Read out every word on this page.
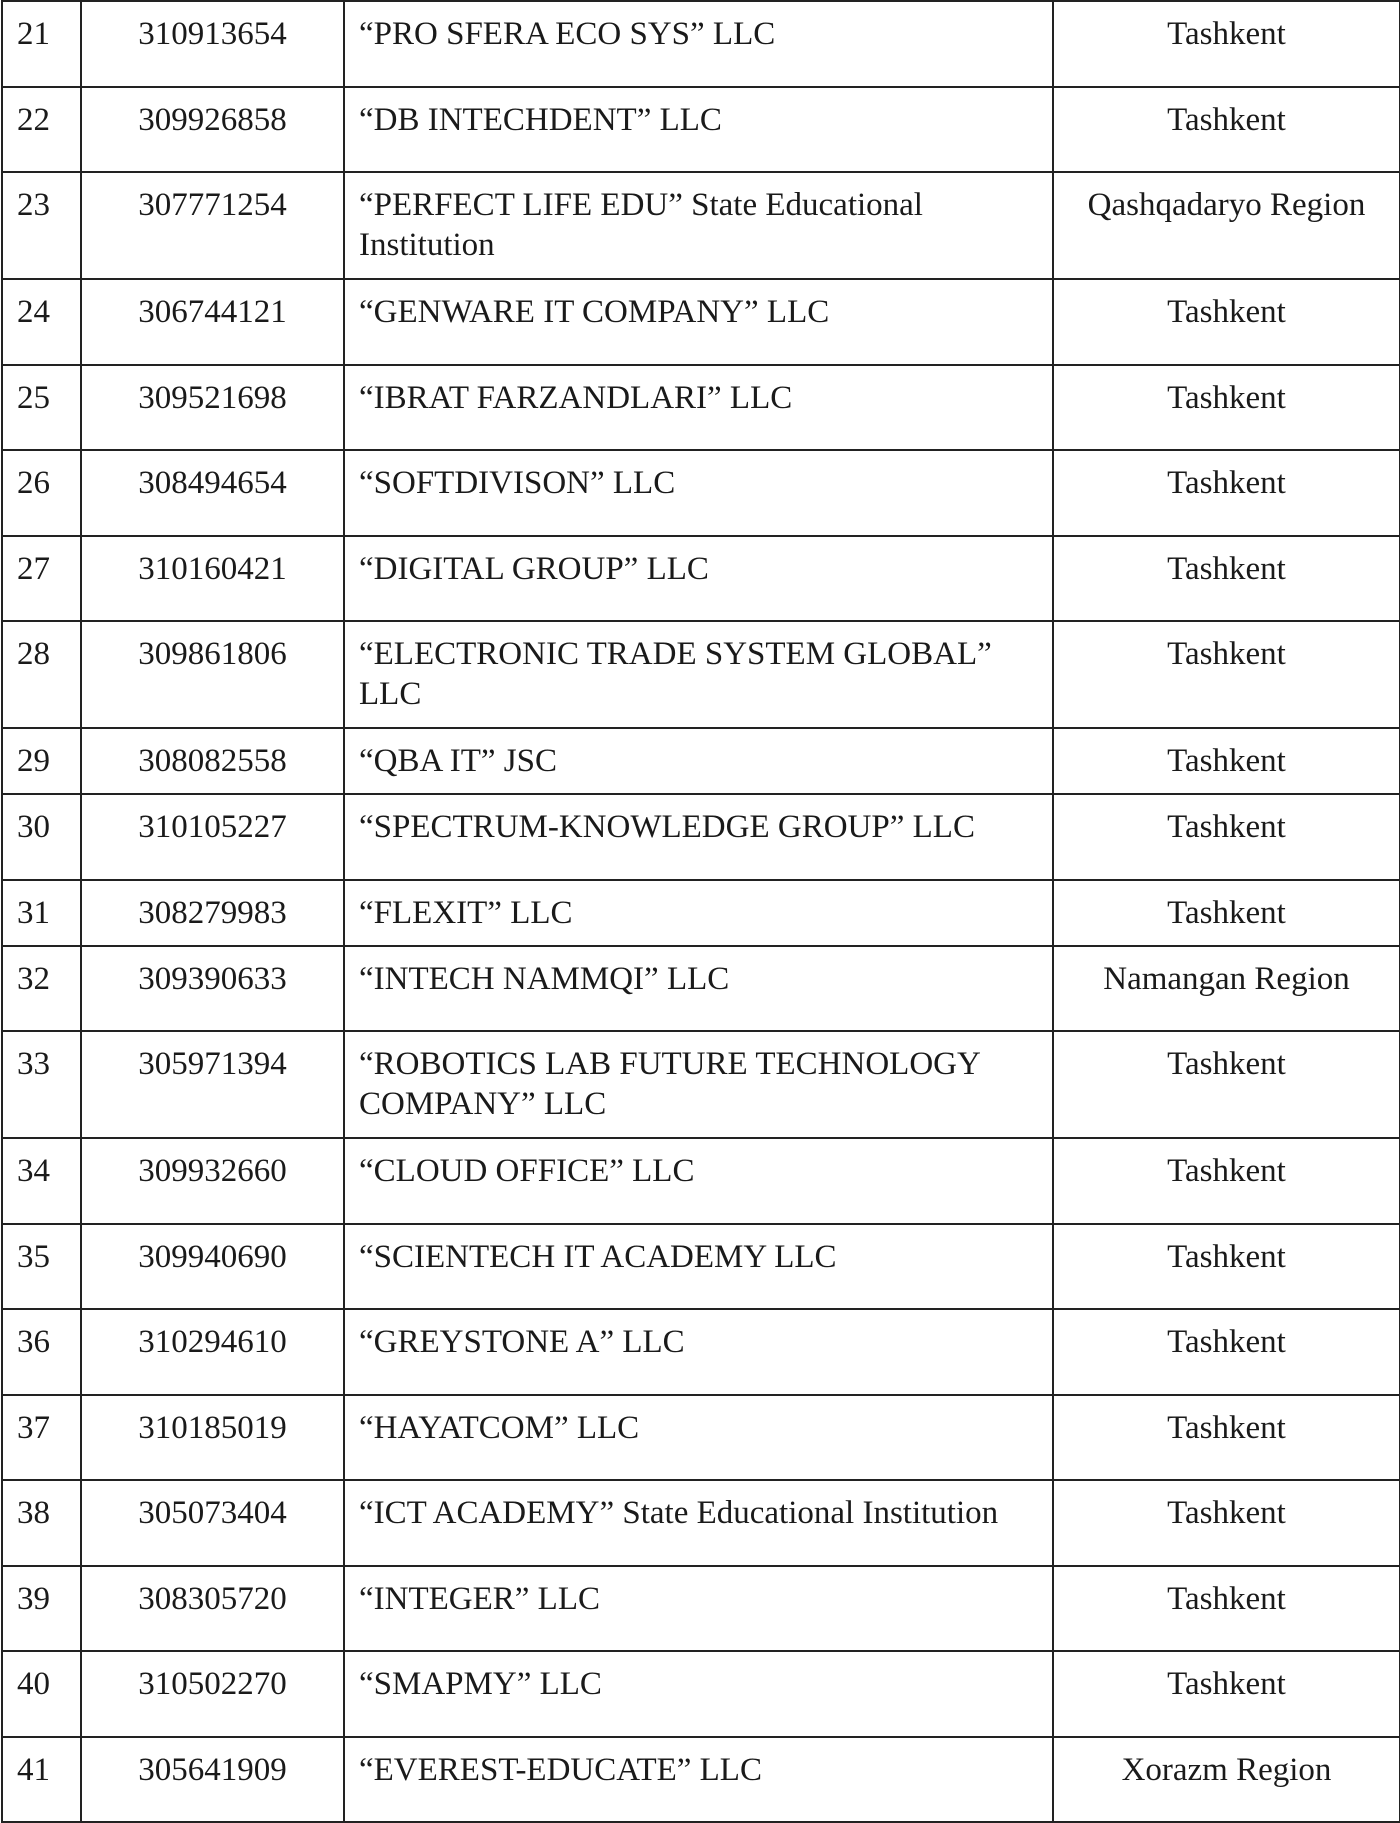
21	310913654	“PRO SFERA ECO SYS” LLC	Tashkent
22	309926858	“DB INTECHDENT” LLC	Tashkent
23	307771254	“PERFECT LIFE EDU” State Educational Institution	Qashqadaryo Region
24	306744121	“GENWARE IT COMPANY” LLC	Tashkent
25	309521698	“IBRAT FARZANDLARI” LLC	Tashkent
26	308494654	“SOFTDIVISON” LLC	Tashkent
27	310160421	“DIGITAL GROUP” LLC	Tashkent
28	309861806	“ELECTRONIC TRADE SYSTEM GLOBAL” LLC	Tashkent
29	308082558	“QBA IT” JSC	Tashkent
30	310105227	“SPECTRUM-KNOWLEDGE GROUP” LLC	Tashkent
31	308279983	“FLEXIT” LLC	Tashkent
32	309390633	“INTECH NAMMQI” LLC	Namangan Region
33	305971394	“ROBOTICS LAB FUTURE TECHNOLOGY COMPANY” LLC	Tashkent
34	309932660	“CLOUD OFFICE” LLC	Tashkent
35	309940690	“SCIENTECH IT ACADEMY LLC	Tashkent
36	310294610	“GREYSTONE A” LLC	Tashkent
37	310185019	“HAYATCOM” LLC	Tashkent
38	305073404	“ICT ACADEMY” State Educational Institution	Tashkent
39	308305720	“INTEGER” LLC	Tashkent
40	310502270	“SMAPMY” LLC	Tashkent
41	305641909	“EVEREST-EDUCATE” LLC	Xorazm Region
